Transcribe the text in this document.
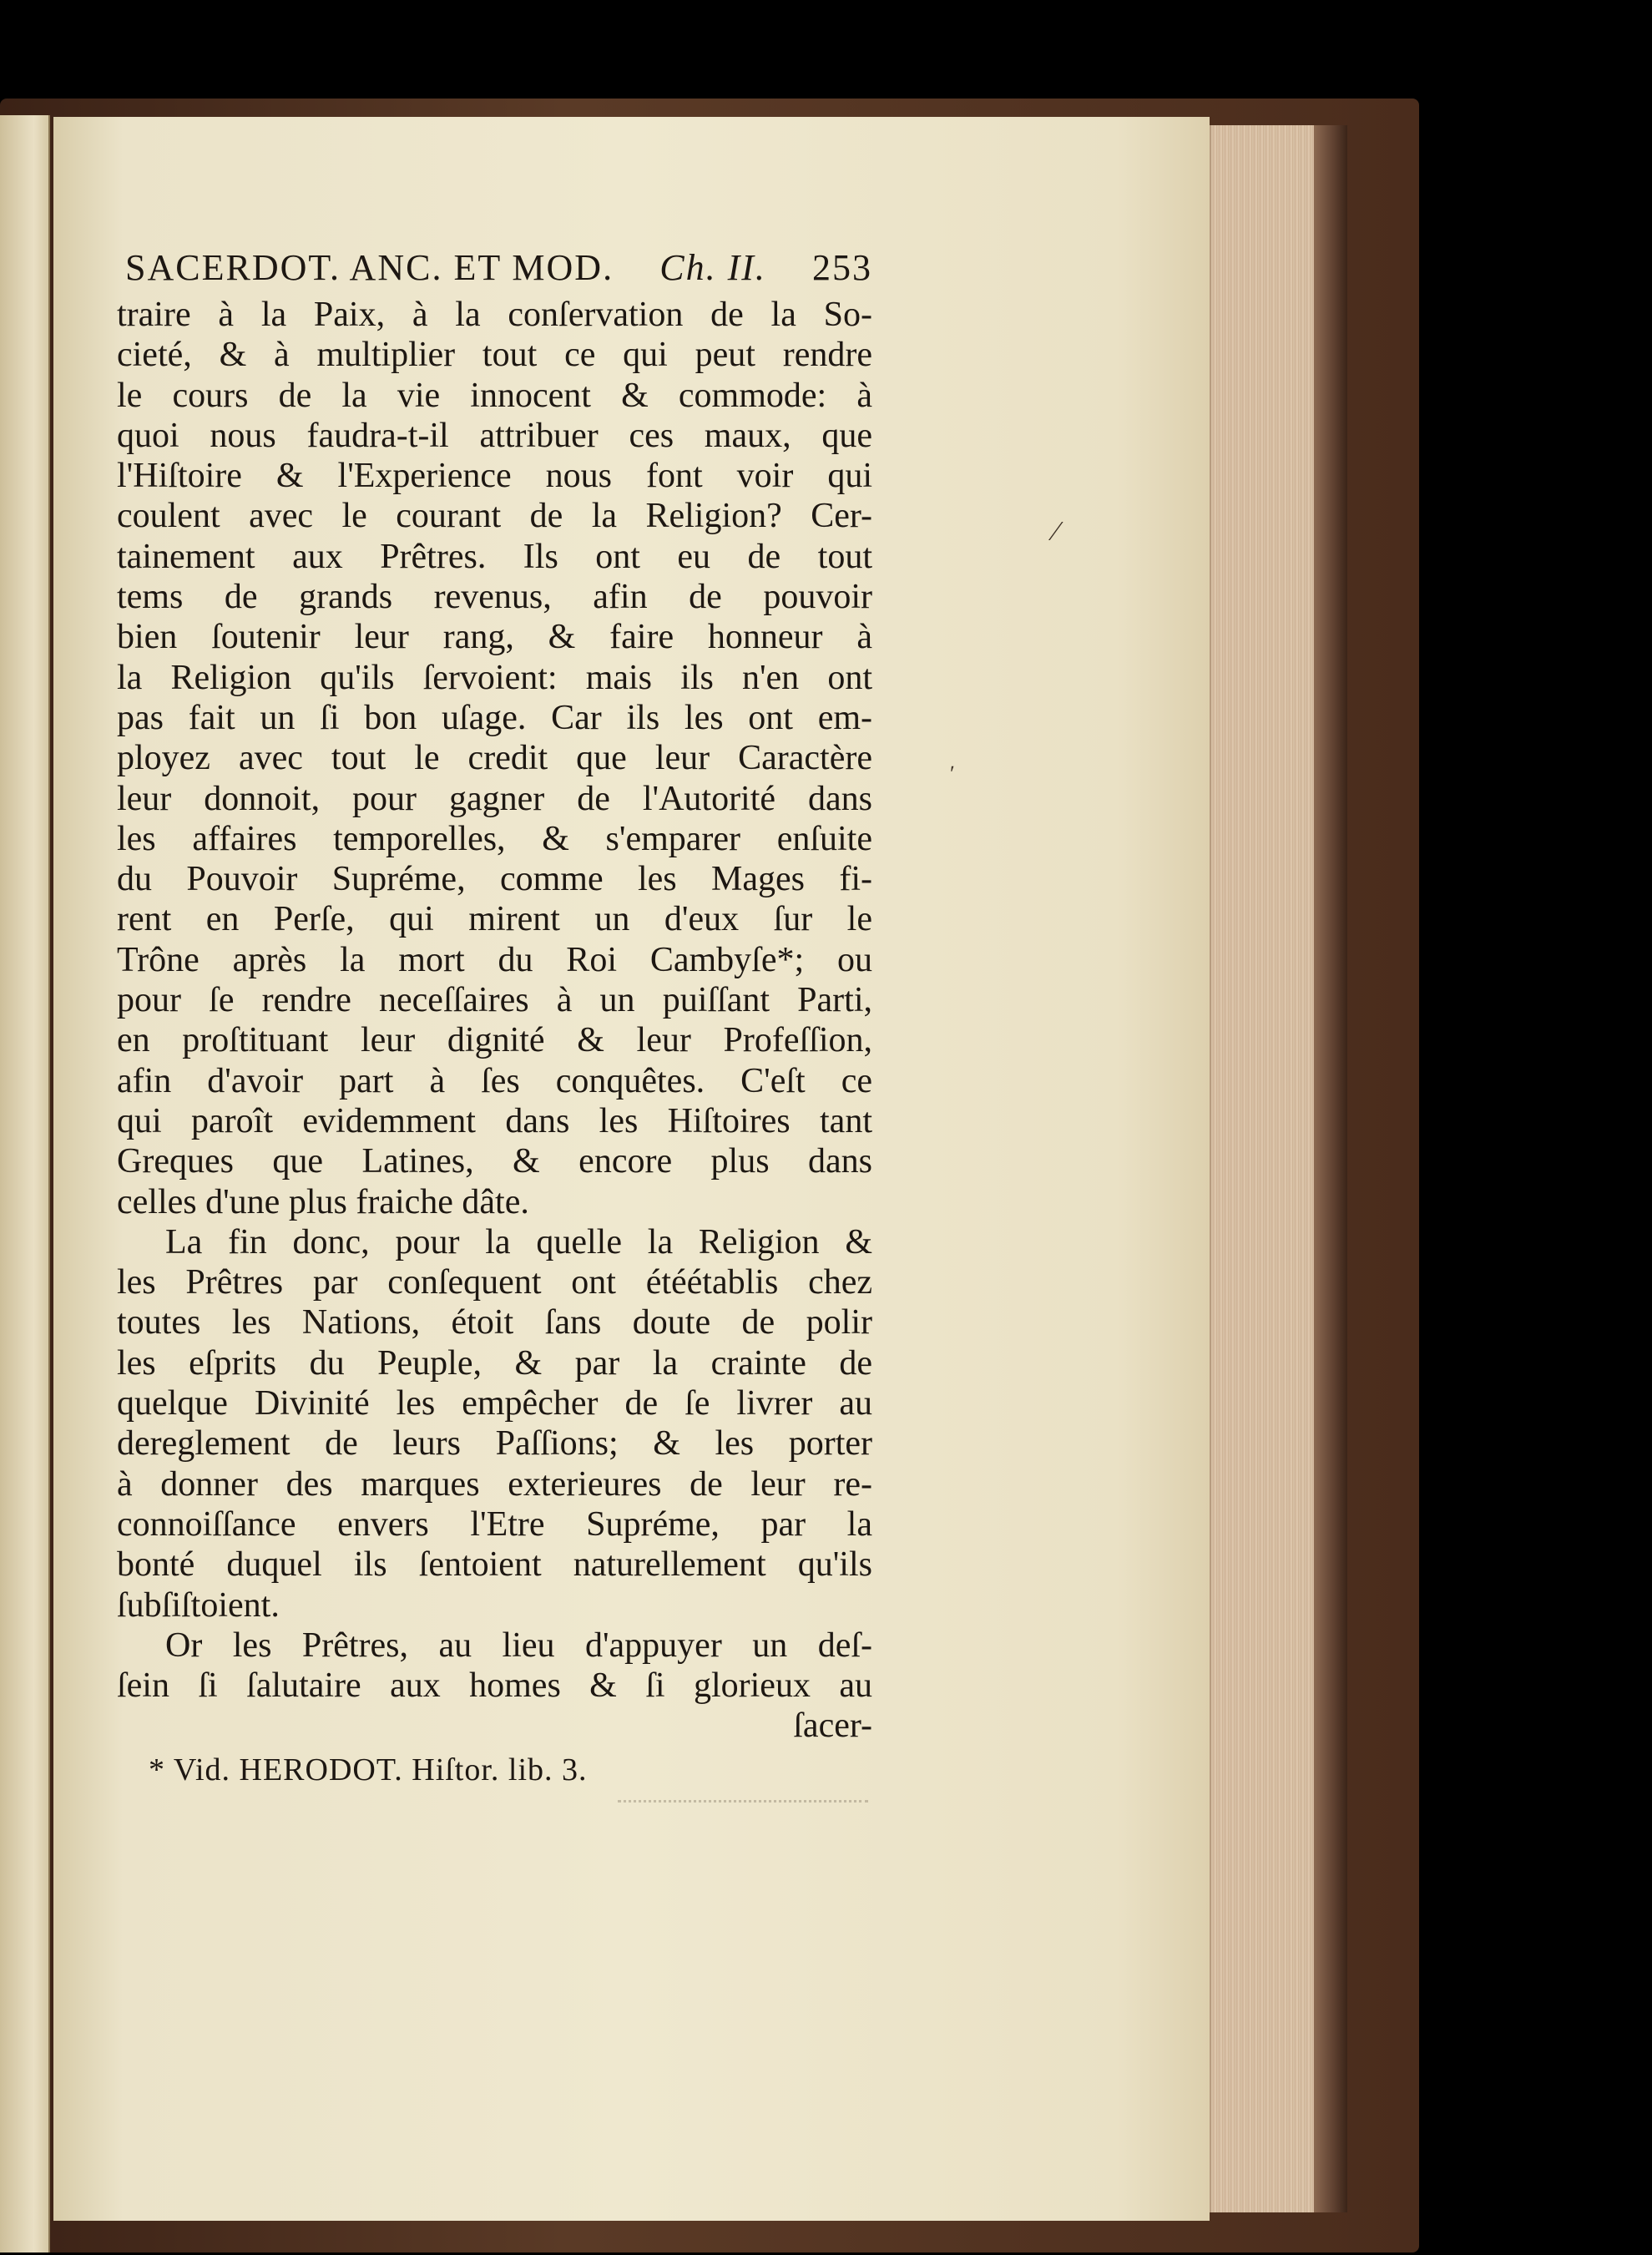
⁄
ʹ
SACERDOT. ANC. ET MOD. Ch. II. 253
traire à la Paix, à la conſervation de la So-
cieté, & à multiplier tout ce qui peut rendre
le cours de la vie innocent & commode: à
quoi nous faudra-t-il attribuer ces maux, que
l'Hiſtoire & l'Experience nous font voir qui
coulent avec le courant de la Religion? Cer-
tainement aux Prêtres. Ils ont eu de tout
tems de grands revenus, afin de pouvoir
bien ſoutenir leur rang, & faire honneur à
la Religion qu'ils ſervoient: mais ils n'en ont
pas fait un ſi bon uſage. Car ils les ont em-
ployez avec tout le credit que leur Caractère
leur donnoit, pour gagner de l'Autorité dans
les affaires temporelles, & s'emparer enſuite
du Pouvoir Supréme, comme les Mages fi-
rent en Perſe, qui mirent un d'eux ſur le
Trône après la mort du Roi Cambyſe*; ou
pour ſe rendre neceſſaires à un puiſſant Parti,
en proſtituant leur dignité & leur Profeſſion,
afin d'avoir part à ſes conquêtes. C'eſt ce
qui paroît evidemment dans les Hiſtoires tant
Greques que Latines, & encore plus dans
celles d'une plus fraiche dâte.
La fin donc, pour la quelle la Religion &
les Prêtres par conſequent ont étéétablis chez
toutes les Nations, étoit ſans doute de polir
les eſprits du Peuple, & par la crainte de
quelque Divinité les empêcher de ſe livrer au
dereglement de leurs Paſſions; & les porter
à donner des marques exterieures de leur re-
connoiſſance envers l'Etre Supréme, par la
bonté duquel ils ſentoient naturellement qu'ils
ſubſiſtoient.
Or les Prêtres, au lieu d'appuyer un deſ-
ſein ſi ſalutaire aux homes & ſi glorieux au
ſacer-
* Vid. HERODOT. Hiſtor. lib. 3.
